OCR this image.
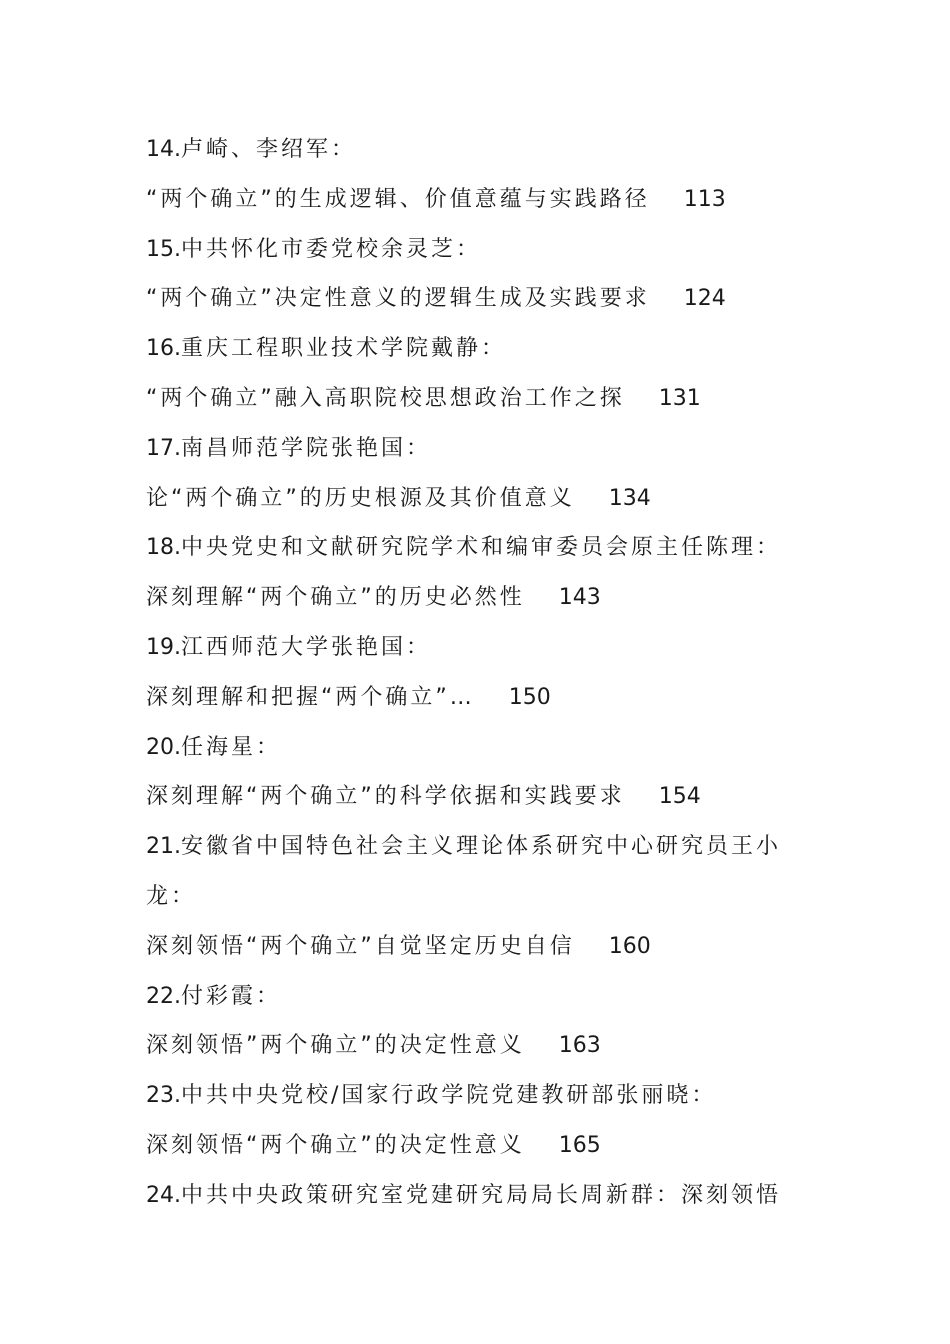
14.卢崎、李绍军：
“两个确立”的生成逻辑、价值意蕴与实践路径 113
15.中共怀化市委党校余灵芝：
“两个确立”决定性意义的逻辑生成及实践要求 124
16.重庆工程职业技术学院戴静：
“两个确立”融入高职院校思想政治工作之探 131
17.南昌师范学院张艳国：
论“两个确立”的历史根源及其价值意义 134
18.中央党史和文献研究院学术和编审委员会原主任陈理：
深刻理解“两个确立”的历史必然性 143
19.江西师范大学张艳国：
深刻理解和把握“两个确立”… 150
20.任海星：
深刻理解“两个确立”的科学依据和实践要求 154
21.安徽省中国特色社会主义理论体系研究中心研究员王小
龙：
深刻领悟“两个确立”自觉坚定历史自信 160
22.付彩霞：
深刻领悟”两个确立”的决定性意义 163
23.中共中央党校/国家行政学院党建教研部张丽晓：
深刻领悟“两个确立”的决定性意义 165
24.中共中央政策研究室党建研究局局长周新群：深刻领悟
